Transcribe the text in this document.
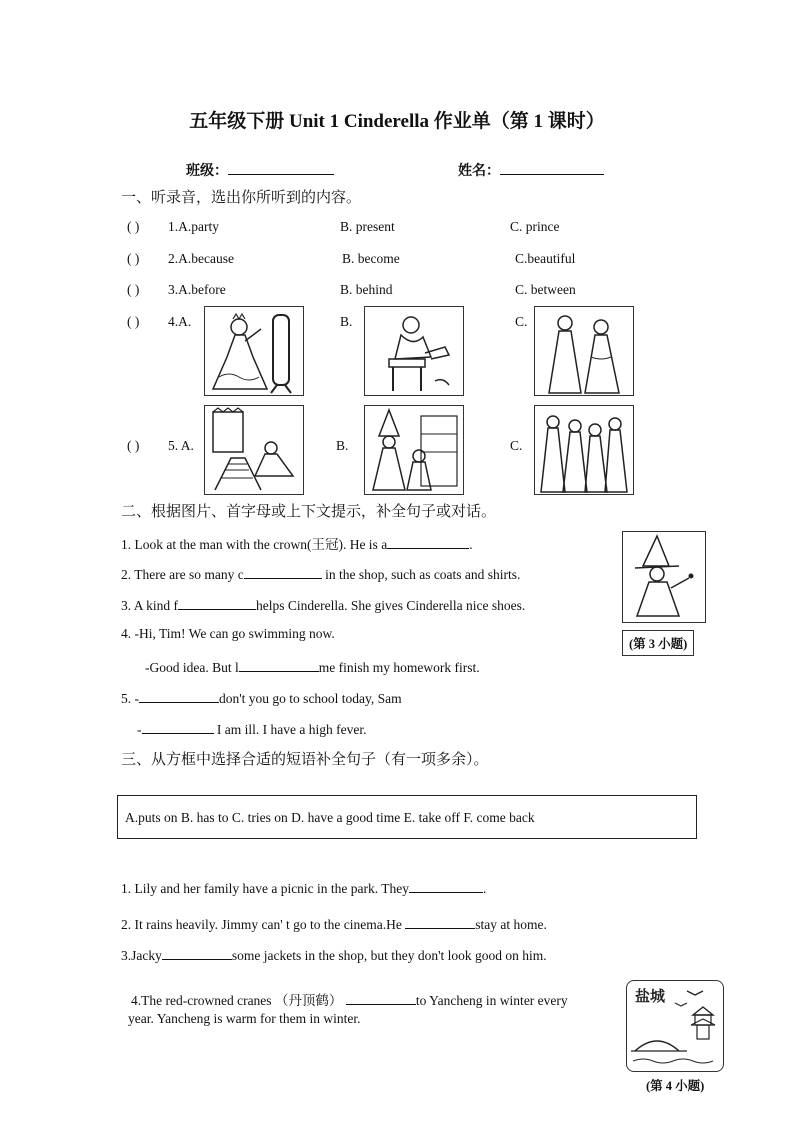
五年级下册 Unit 1 Cinderella 作业单（第 1 课时）
班级：	姓名：
一、听录音，选出你所听到的内容。
( ) 1.A.party	B. present	C. prince
( ) 2.A.because	B. become	C.beautiful
( ) 3.A.before	B. behind	C. between
( ) 4.A.	B.	C.
( ) 5. A.	B.	C.
二、根据图片、首字母或上下文提示，补全句子或对话。
1. Look at the man with the crown(王冠). He is a	.
2. There are so many c	in the shop, such as coats and shirts.
3. A kind f	helps Cinderella. She gives Cinderella nice shoes.
4. -Hi, Tim! We can go swimming now.
-Good idea. But l	me finish my homework first.
5. -	don't you go to school today, Sam
-	I am ill. I have a high fever.
(第 3 小题)
三、从方框中选择合适的短语补全句子（有一项多余）。
A.puts on B. has to C. tries on D. have a good time E. take off F. come back
1. Lily and her family have a picnic in the park. They	.
2. It rains heavily. Jimmy can' t go to the cinema.He	stay at home.
3.Jacky	some jackets in the shop, but they don't look good on him.
4.The red-crowned cranes （丹顶鹤）	to Yancheng in winter every
year. Yancheng is warm for them in winter.
盐城
(第 4 小题)
